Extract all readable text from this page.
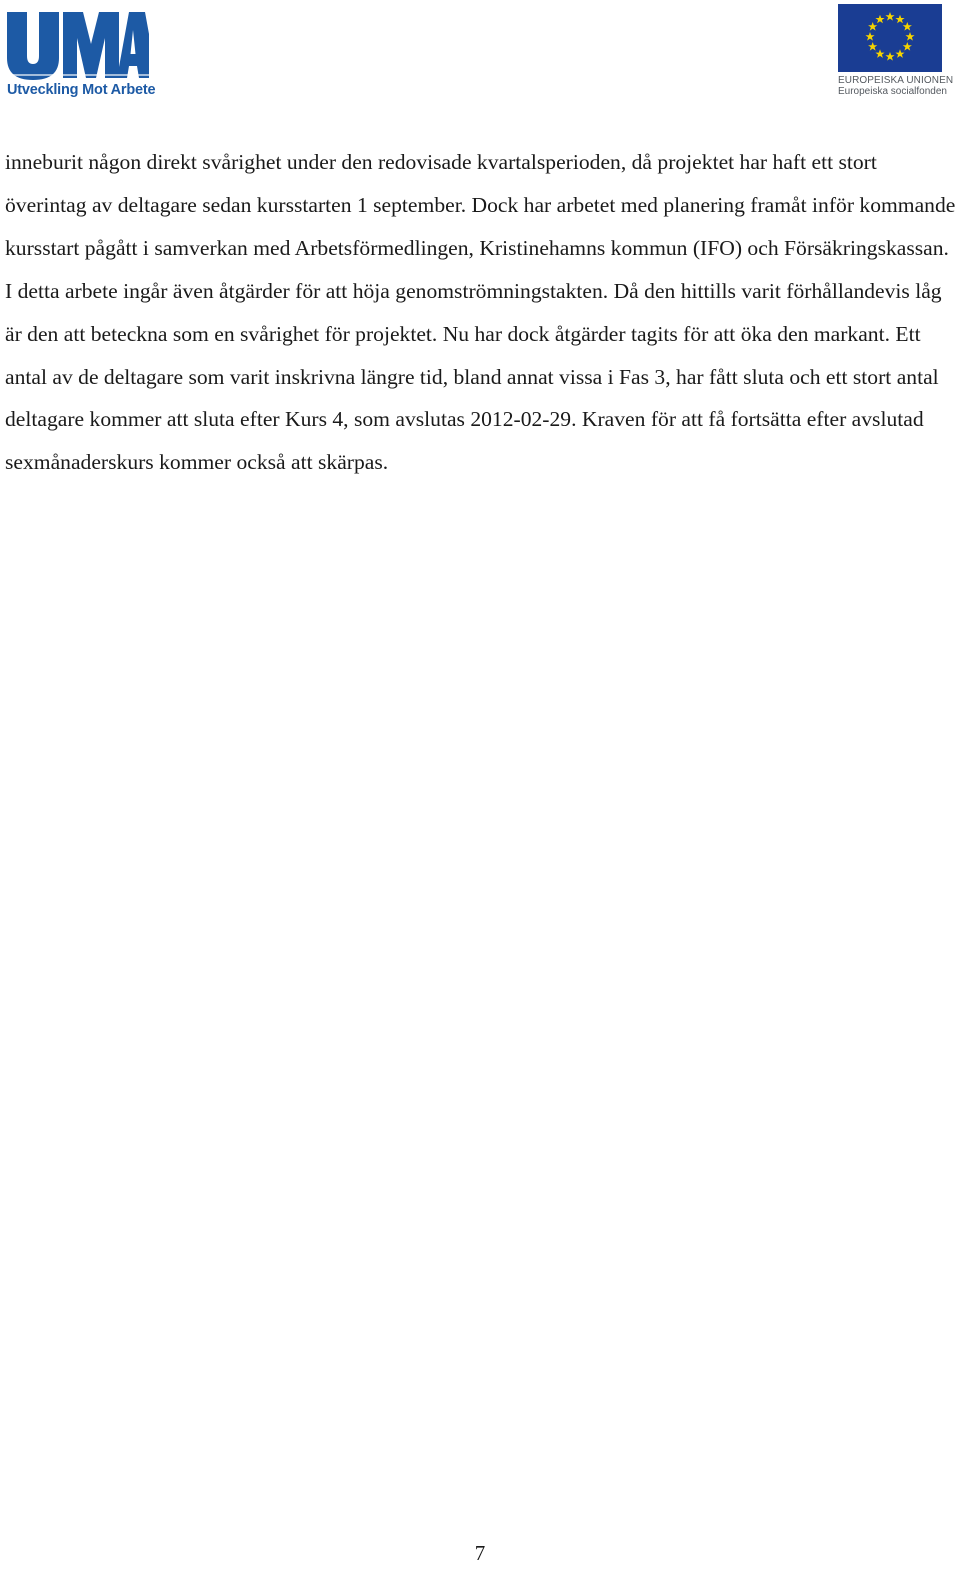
Utveckling Mot Arbete
EUROPEISKA UNIONEN
Europeiska socialfonden

inneburit någon direkt svårighet under den redovisade kvartalsperioden, då projektet har haft ett stort överintag av deltagare sedan kursstarten 1 september. Dock har arbetet med planering framåt inför kommande kursstart pågått i samverkan med Arbetsförmedlingen, Kristinehamns kommun (IFO) och Försäkringskassan. I detta arbete ingår även åtgärder för att höja genomströmningstakten. Då den hittills varit förhållandevis låg är den att beteckna som en svårighet för projektet. Nu har dock åtgärder tagits för att öka den markant. Ett antal av de deltagare som varit inskrivna längre tid, bland annat vissa i Fas 3, har fått sluta och ett stort antal deltagare kommer att sluta efter Kurs 4, som avslutas 2012-02-29. Kraven för att få fortsätta efter avslutad sexmånaderskurs kommer också att skärpas.

7
